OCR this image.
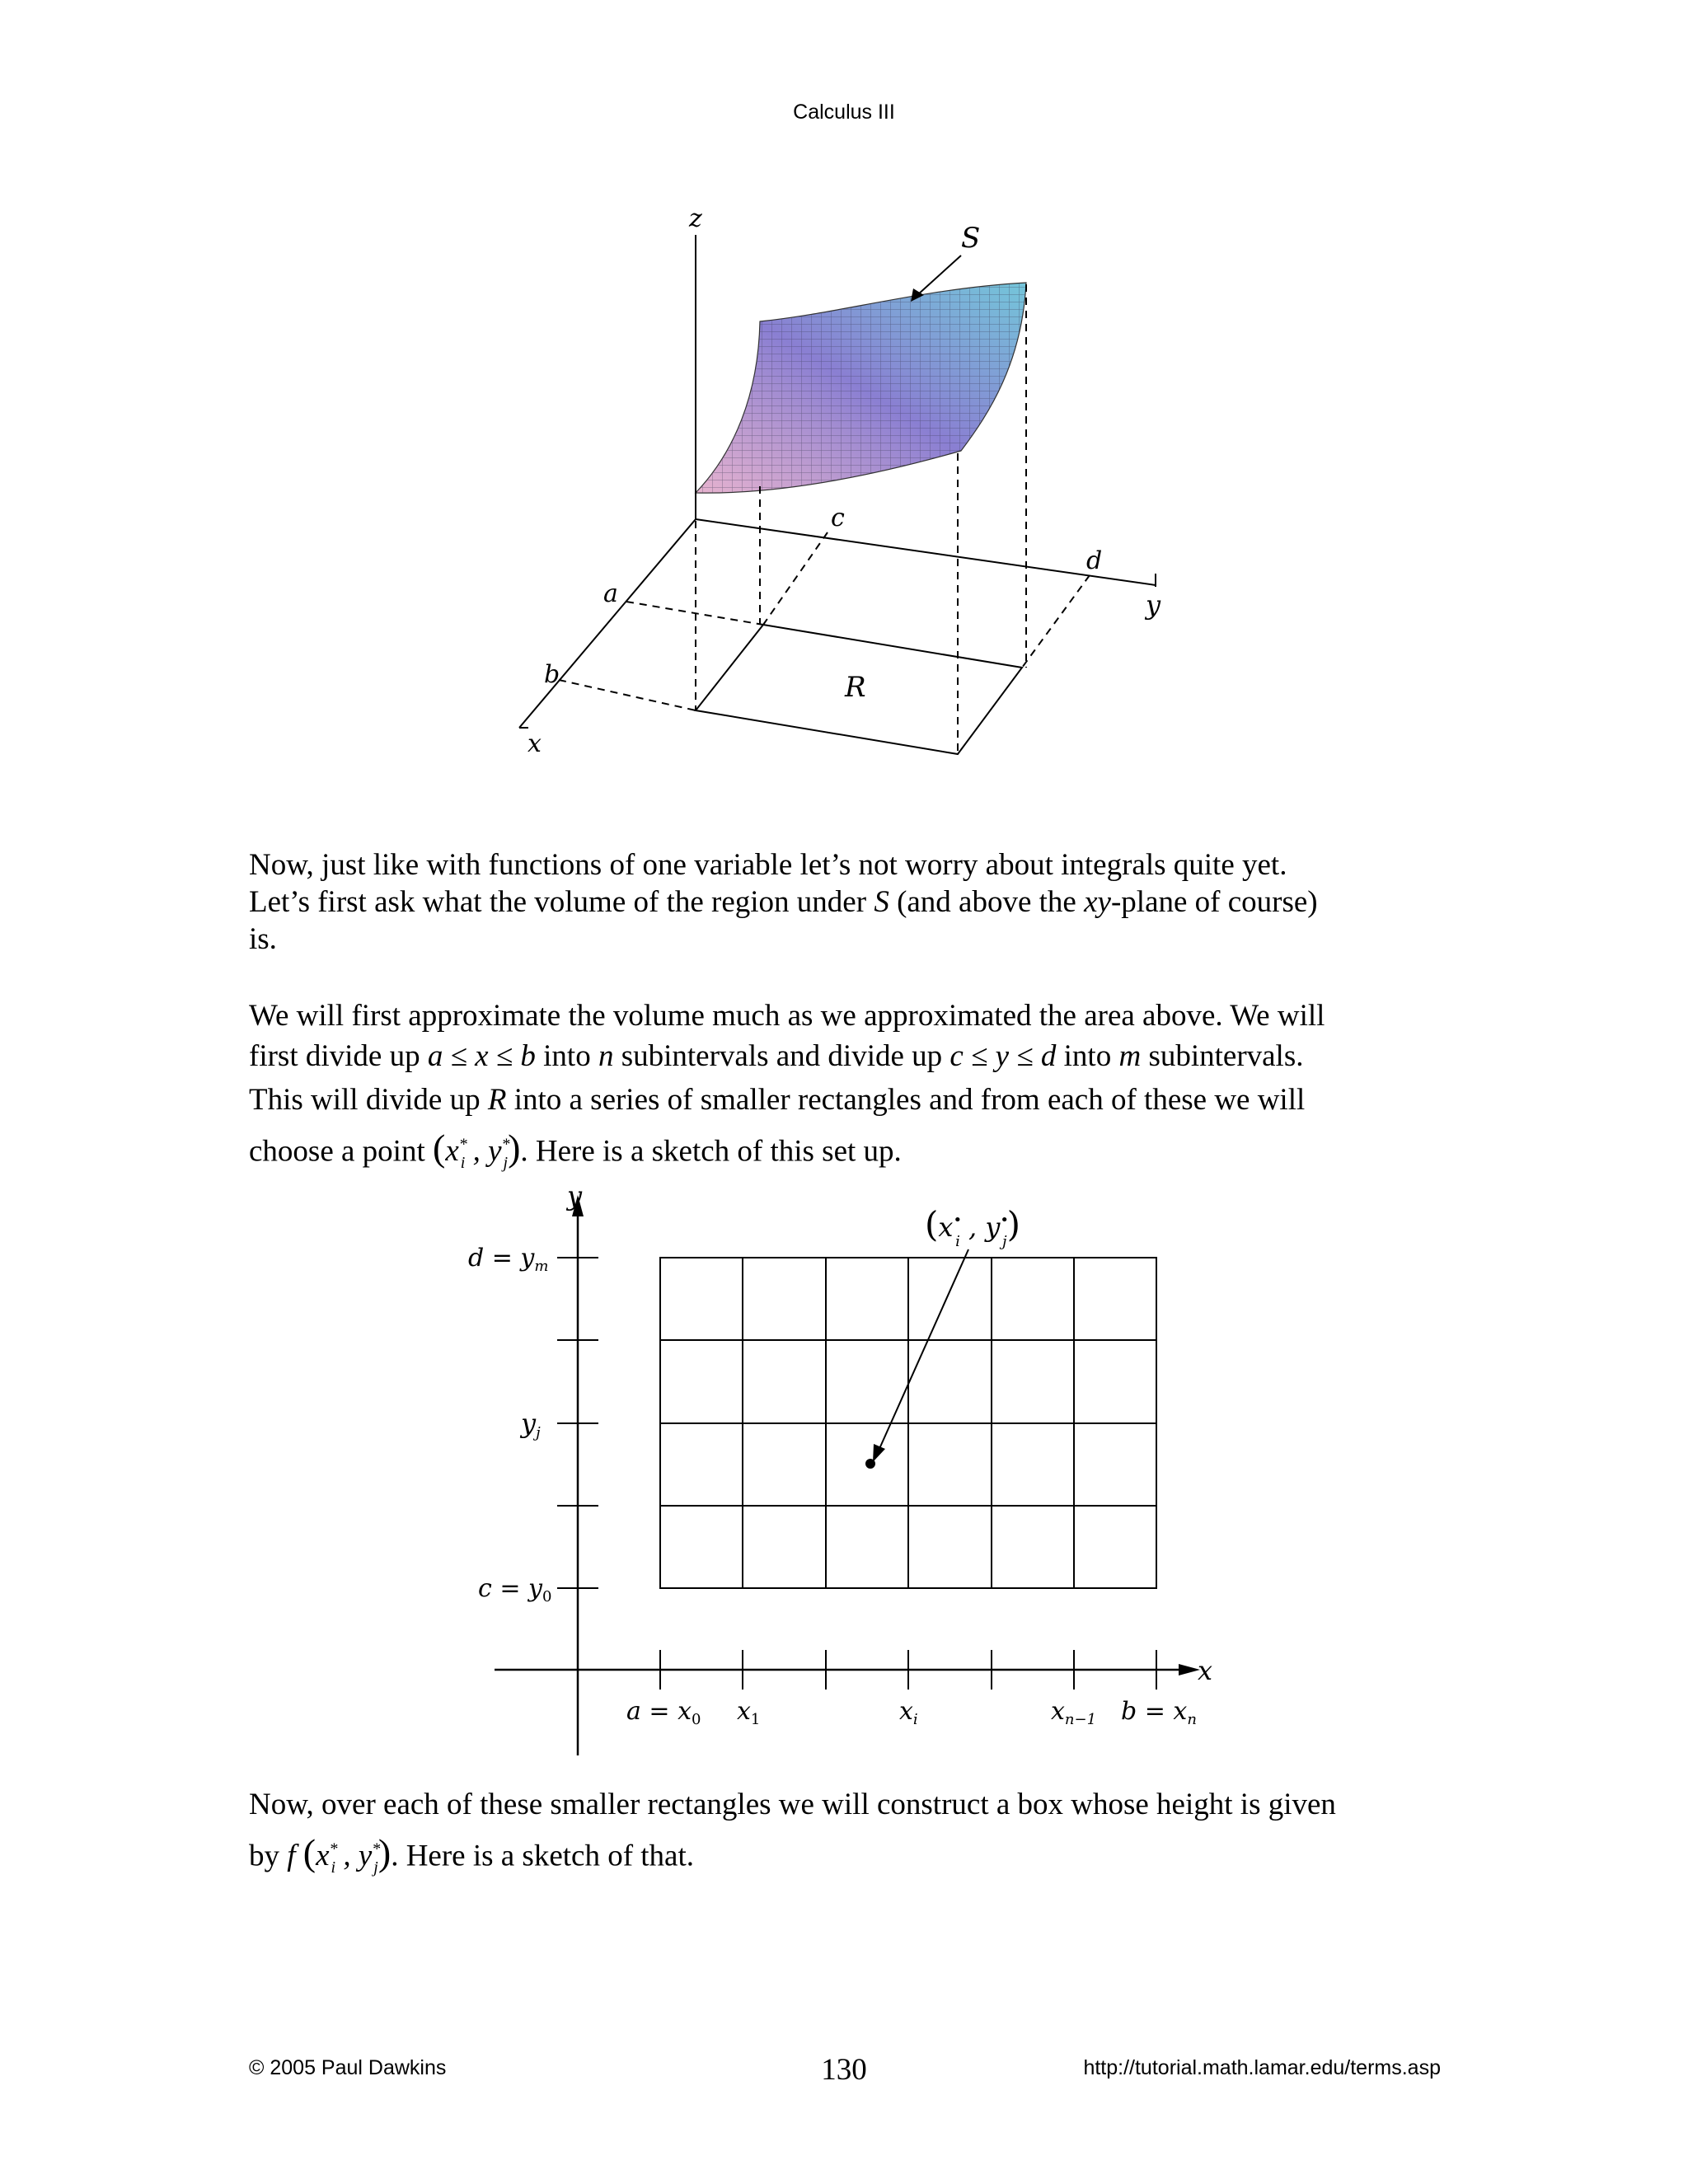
Calculus III
z
S
c
d
y
a
b
x
R

Now, just like with functions of one variable let’s not worry about integrals quite yet.

Let’s first ask what the volume of the region under S (and above the xy-plane of course)

is.

We will first approximate the volume much as we approximated the area above. We will

first divide up a ≤ x ≤ b into n subintervals and divide up c ≤ y ≤ d into m subintervals.

This will divide up R into a series of smaller rectangles and from each of these we will

choose a point ($x^*_i$ , $y^*_j$). Here is a sketch of this set up.

y
x
$d = y_m$
yj
$c = y_0$
$a = x_0$ $x_1$	$x_i$	$x_{n-1}$ $b = x_n$
(x• i , y• j)

Now, over each of these smaller rectangles we will construct a box whose height is given

by f ($x^*_i$ , $y^*_j$). Here is a sketch of that.

© 2005 Paul Dawkins	130	http://tutorial.math.lamar.edu/terms.asp
